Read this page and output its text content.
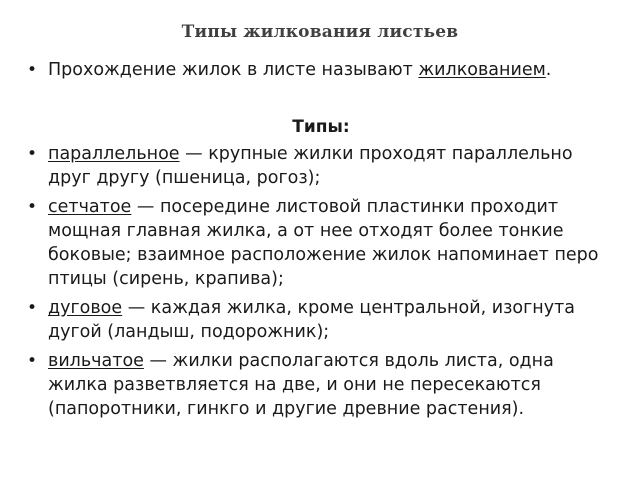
Типы жилкования листьев

• Прохождение жилок в листе называют жилкованием.

Типы:

• параллельное — крупные жилки проходят параллельно друг другу (пшеница, рогоз);

• сетчатое — посередине листовой пластинки проходит мощная главная жилка, а от нее отходят более тонкие боковые; взаимное расположение жилок напоминает перо птицы (сирень, крапива);

• дуговое — каждая жилка, кроме центральной, изогнута дугой (ландыш, подорожник);

• вильчатое — жилки располагаются вдоль листа, одна жилка разветвляется на две, и они не пересекаются (папоротники, гинкго и другие древние растения).
